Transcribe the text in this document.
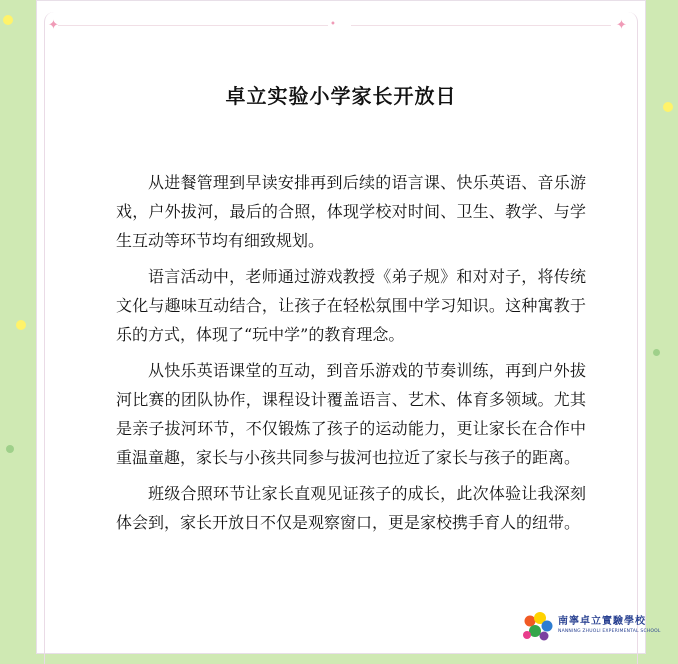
✦	•	✦
卓立实验小学家长开放日

从进餐管理到早读安排再到后续的语言课、快乐英语、音乐游戏，户外拔河，最后的合照，体现学校对时间、卫生、教学、与学生互动等环节均有细致规划。

语言活动中，老师通过游戏教授《弟子规》和对对子，将传统文化与趣味互动结合，让孩子在轻松氛围中学习知识。这种寓教于乐的方式，体现了“玩中学”的教育理念。

从快乐英语课堂的互动，到音乐游戏的节奏训练，再到户外拔河比赛的团队协作，课程设计覆盖语言、艺术、体育多领域。尤其是亲子拔河环节，不仅锻炼了孩子的运动能力，更让家长在合作中重温童趣，家长与小孩共同参与拔河也拉近了家长与孩子的距离。

班级合照环节让家长直观见证孩子的成长，此次体验让我深刻体会到，家长开放日不仅是观察窗口，更是家校携手育人的纽带。

南寧卓立實驗學校
NANNING ZHUOLI EXPERIMENTAL SCHOOL
